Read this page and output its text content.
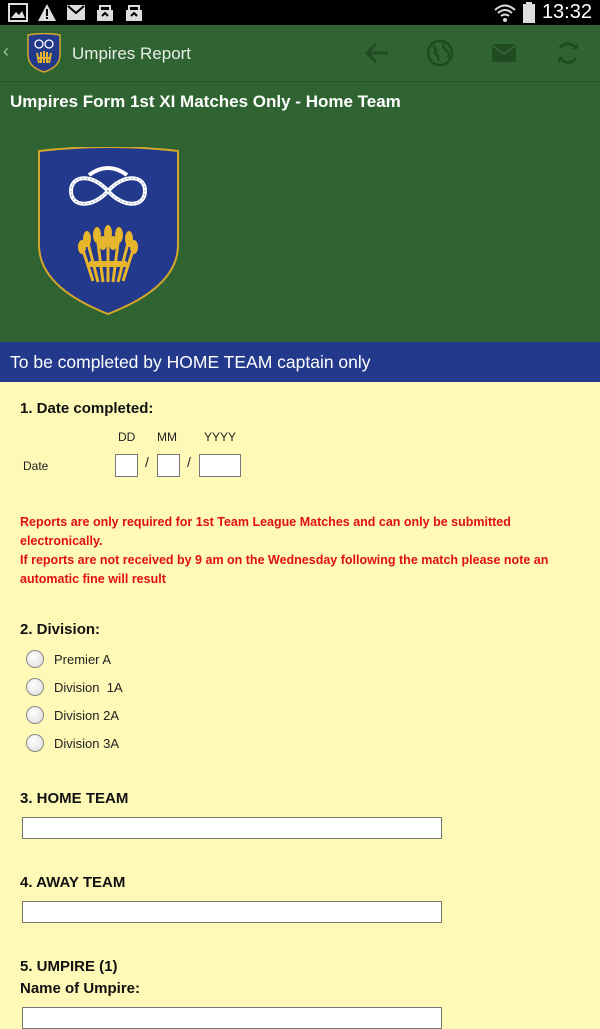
13:32
‹	Umpires Report
Umpires Form 1st XI Matches Only - Home Team
To be completed by HOME TEAM captain only
1. Date completed:
DD MM YYYY
Date	/	/
Reports are only required for 1st Team League Matches and can only be submitted electronically.
If reports are not received by 9 am on the Wednesday following the match please note an automatic fine will result
2. Division:
Premier A
Division  1A
Division 2A
Division 3A
3. HOME TEAM
4. AWAY TEAM
5. UMPIRE (1)
Name of Umpire:
